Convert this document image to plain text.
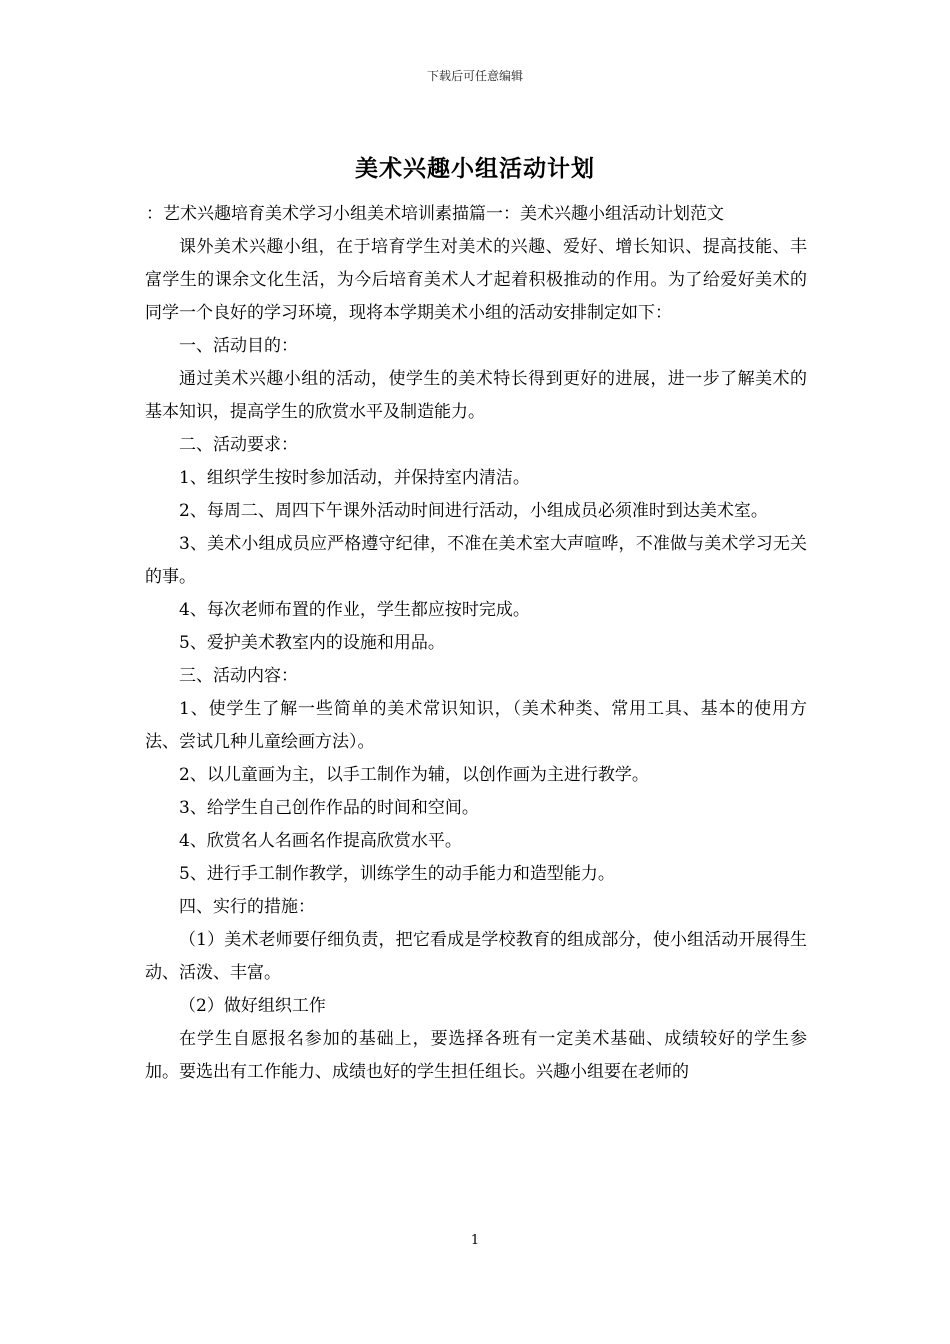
下载后可任意编辑
美术兴趣小组活动计划
：艺术兴趣培育美术学习小组美术培训素描篇一：美术兴趣小组活动计划范文

课外美术兴趣小组，在于培育学生对美术的兴趣、爱好、增长知识、提高技能、丰富学生的课余文化生活，为今后培育美术人才起着积极推动的作用。为了给爱好美术的同学一个良好的学习环境，现将本学期美术小组的活动安排制定如下：

一、活动目的：

通过美术兴趣小组的活动，使学生的美术特长得到更好的进展，进一步了解美术的基本知识，提高学生的欣赏水平及制造能力。

二、活动要求：

1、组织学生按时参加活动，并保持室内清洁。

2、每周二、周四下午课外活动时间进行活动，小组成员必须准时到达美术室。

3、美术小组成员应严格遵守纪律，不准在美术室大声喧哗，不准做与美术学习无关的事。

4、每次老师布置的作业，学生都应按时完成。

5、爱护美术教室内的设施和用品。

三、活动内容：

1、使学生了解一些简单的美术常识知识，（美术种类、常用工具、基本的使用方法、尝试几种儿童绘画方法）。

2、以儿童画为主，以手工制作为辅，以创作画为主进行教学。

3、给学生自己创作作品的时间和空间。

4、欣赏名人名画名作提高欣赏水平。

5、进行手工制作教学，训练学生的动手能力和造型能力。

四、实行的措施：

（1）美术老师要仔细负责，把它看成是学校教育的组成部分，使小组活动开展得生动、活泼、丰富。

（2）做好组织工作

在学生自愿报名参加的基础上，要选择各班有一定美术基础、成绩较好的学生参加。要选出有工作能力、成绩也好的学生担任组长。兴趣小组要在老师的

1
